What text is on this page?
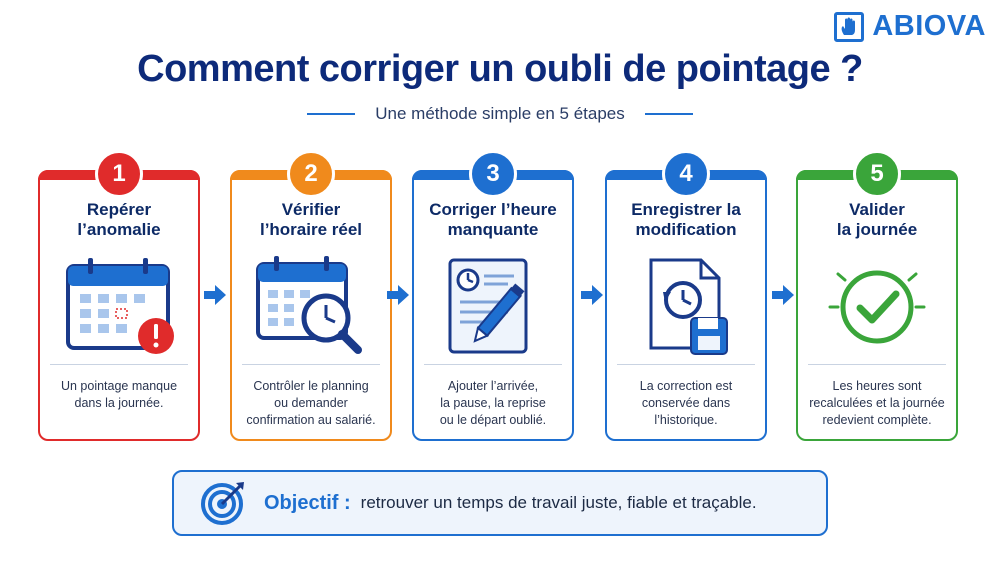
ABIOVA
Comment corriger un oubli de pointage ?
Une méthode simple en 5 étapes
1
Repérer
l’anomalie
Un pointage manque
dans la journée.
2
Vérifier
l’horaire réel
Contrôler le planning
ou demander
confirmation au salarié.
3
Corriger l’heure
manquante
Ajouter l’arrivée,
la pause, la reprise
ou le départ oublié.
4
Enregistrer la
modification
La correction est
conservée dans
l’historique.
5
Valider
la journée
Les heures sont
recalculées et la journée
redevient complète.
Objectif : retrouver un temps de travail juste, fiable et traçable.
